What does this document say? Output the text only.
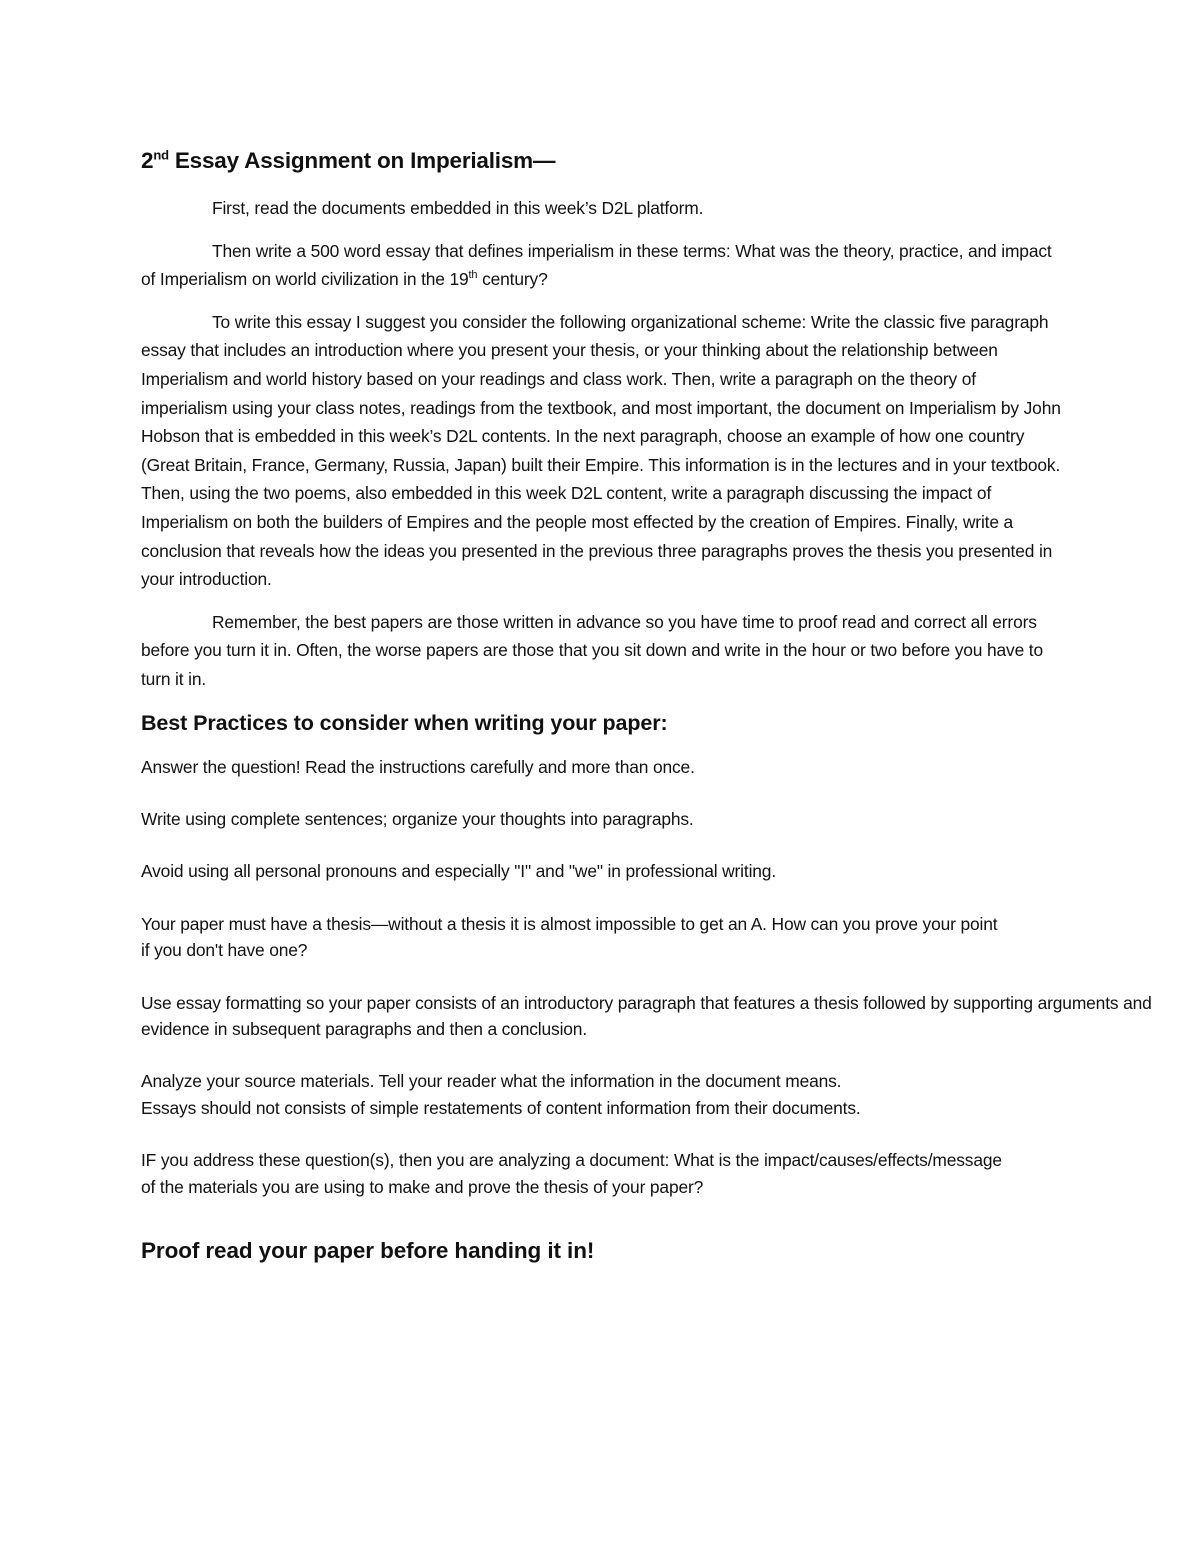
2nd Essay Assignment on Imperialism—

First, read the documents embedded in this week’s D2L platform.

Then write a 500 word essay that defines imperialism in these terms: What was the theory, practice, and impact of Imperialism on world civilization in the 19th century?

To write this essay I suggest you consider the following organizational scheme: Write the classic five paragraph essay that includes an introduction where you present your thesis, or your thinking about the relationship between Imperialism and world history based on your readings and class work. Then, write a paragraph on the theory of imperialism using your class notes, readings from the textbook, and most important, the document on Imperialism by John Hobson that is embedded in this week’s D2L contents. In the next paragraph, choose an example of how one country (Great Britain, France, Germany, Russia, Japan) built their Empire. This information is in the lectures and in your textbook. Then, using the two poems, also embedded in this week D2L content, write a paragraph discussing the impact of Imperialism on both the builders of Empires and the people most effected by the creation of Empires. Finally, write a conclusion that reveals how the ideas you presented in the previous three paragraphs proves the thesis you presented in your introduction.

Remember, the best papers are those written in advance so you have time to proof read and correct all errors before you turn it in. Often, the worse papers are those that you sit down and write in the hour or two before you have to turn it in.

Best Practices to consider when writing your paper:

Answer the question! Read the instructions carefully and more than once.

Write using complete sentences; organize your thoughts into paragraphs.

Avoid using all personal pronouns and especially "I" and "we" in professional writing.

Your paper must have a thesis—without a thesis it is almost impossible to get an A. How can you prove your point
if you don't have one?

Use essay formatting so your paper consists of an introductory paragraph that features a thesis followed by supporting arguments and
evidence in subsequent paragraphs and then a conclusion.

Analyze your source materials. Tell your reader what the information in the document means.
Essays should not consists of simple restatements of content information from their documents.

IF you address these question(s), then you are analyzing a document: What is the impact/causes/effects/message
of the materials you are using to make and prove the thesis of your paper?

Proof read your paper before handing it in!
